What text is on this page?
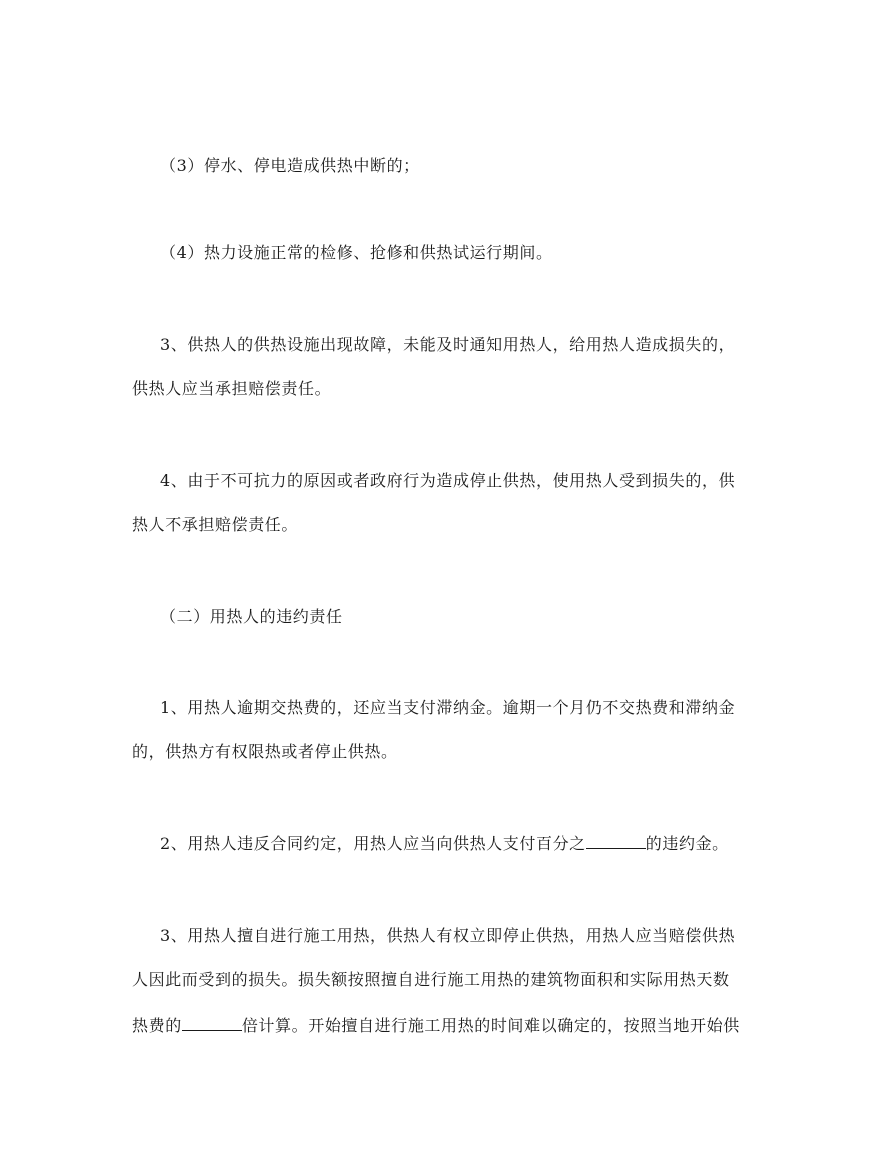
（3）停水、停电造成供热中断的；
（4）热力设施正常的检修、抢修和供热试运行期间。
3、供热人的供热设施出现故障，未能及时通知用热人，给用热人造成损失的，
供热人应当承担赔偿责任。
4、由于不可抗力的原因或者政府行为造成停止供热，使用热人受到损失的，供
热人不承担赔偿责任。
（二）用热人的违约责任
1、用热人逾期交热费的，还应当支付滞纳金。逾期一个月仍不交热费和滞纳金
的，供热方有权限热或者停止供热。
2、用热人违反合同约定，用热人应当向供热人支付百分之	的违约金。
3、用热人擅自进行施工用热，供热人有权立即停止供热，用热人应当赔偿供热
人因此而受到的损失。损失额按照擅自进行施工用热的建筑物面积和实际用热天数
热费的	倍计算。开始擅自进行施工用热的时间难以确定的，按照当地开始供
